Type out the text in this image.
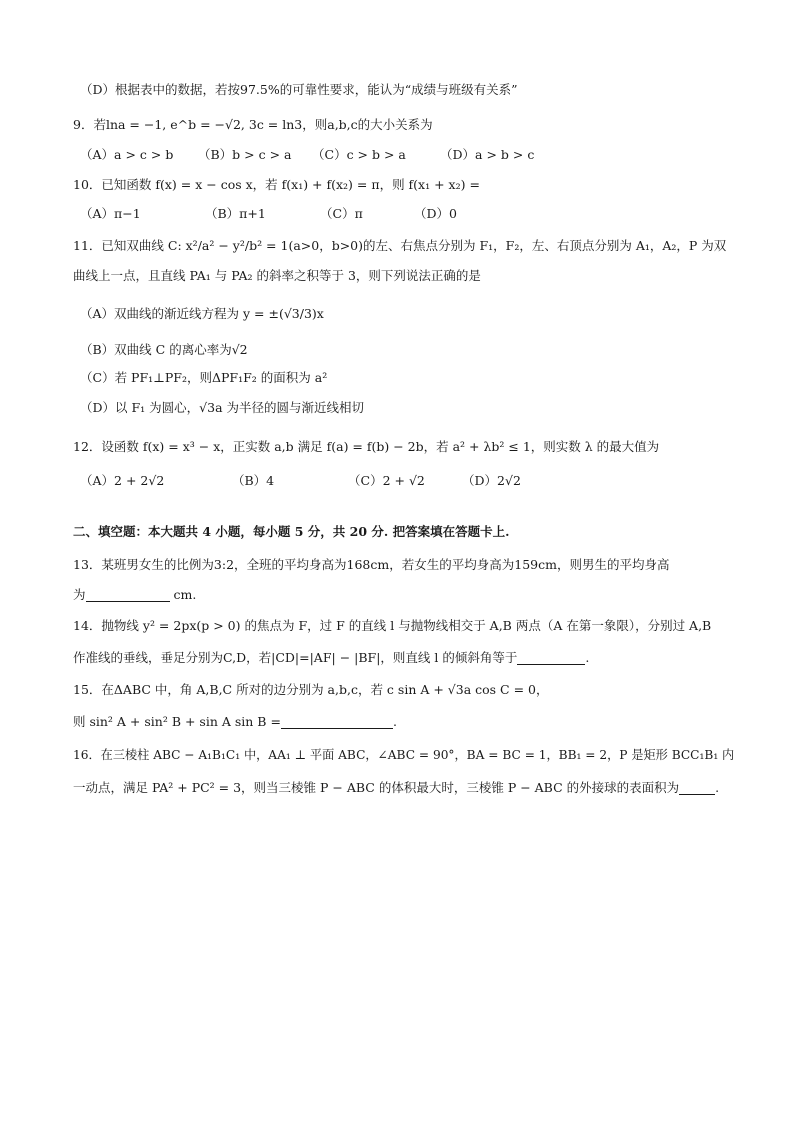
（D）根据表中的数据，若按97.5%的可靠性要求，能认为“成绩与班级有关系”
9．若lna = −1, e^b = −√2, 3c = ln3，则a,b,c的大小关系为
（A）a > c > b （B）b > c > a （C）c > b > a	（D）a > b > c
10．已知函数 f(x) = x − cos x，若 f(x₁) + f(x₂) = π，则 f(x₁ + x₂) =
（A）π−1	（B）π+1	（C）π	（D）0
11．已知双曲线 C: x²/a² − y²/b² = 1(a>0，b>0)的左、右焦点分别为 F₁，F₂，左、右顶点分别为 A₁，A₂，P 为双
曲线上一点，且直线 PA₁ 与 PA₂ 的斜率之积等于 3，则下列说法正确的是
（A）双曲线的渐近线方程为 y = ±(√3/3)x
（B）双曲线 C 的离心率为√2
（C）若 PF₁⊥PF₂，则ΔPF₁F₂ 的面积为 a²
（D）以 F₁ 为圆心，√3a 为半径的圆与渐近线相切
12．设函数 f(x) = x³ − x，正实数 a,b 满足 f(a) = f(b) − 2b，若 a² + λb² ≤ 1，则实数 λ 的最大值为
（A）2 + 2√2	（B）4	（C）2 + √2	（D）2√2
二、填空题：本大题共 4 小题，每小题 5 分，共 20 分. 把答案填在答题卡上.
13．某班男女生的比例为3:2，全班的平均身高为168cm，若女生的平均身高为159cm，则男生的平均身高
为	cm.
14．抛物线 y² = 2px(p > 0) 的焦点为 F，过 F 的直线 l 与抛物线相交于 A,B 两点（A 在第一象限），分别过 A,B
作准线的垂线，垂足分别为C,D，若|CD|=|AF| − |BF|，则直线 l 的倾斜角等于	.
15．在ΔABC 中，角 A,B,C 所对的边分别为 a,b,c，若 c sin A + √3a cos C = 0，
则 sin² A + sin² B + sin A sin B =	.
16．在三棱柱 ABC − A₁B₁C₁ 中，AA₁ ⊥ 平面 ABC，∠ABC = 90°，BA = BC = 1，BB₁ = 2，P 是矩形 BCC₁B₁ 内
一动点，满足 PA² + PC² = 3，则当三棱锥 P − ABC 的体积最大时，三棱锥 P − ABC 的外接球的表面积为	.
